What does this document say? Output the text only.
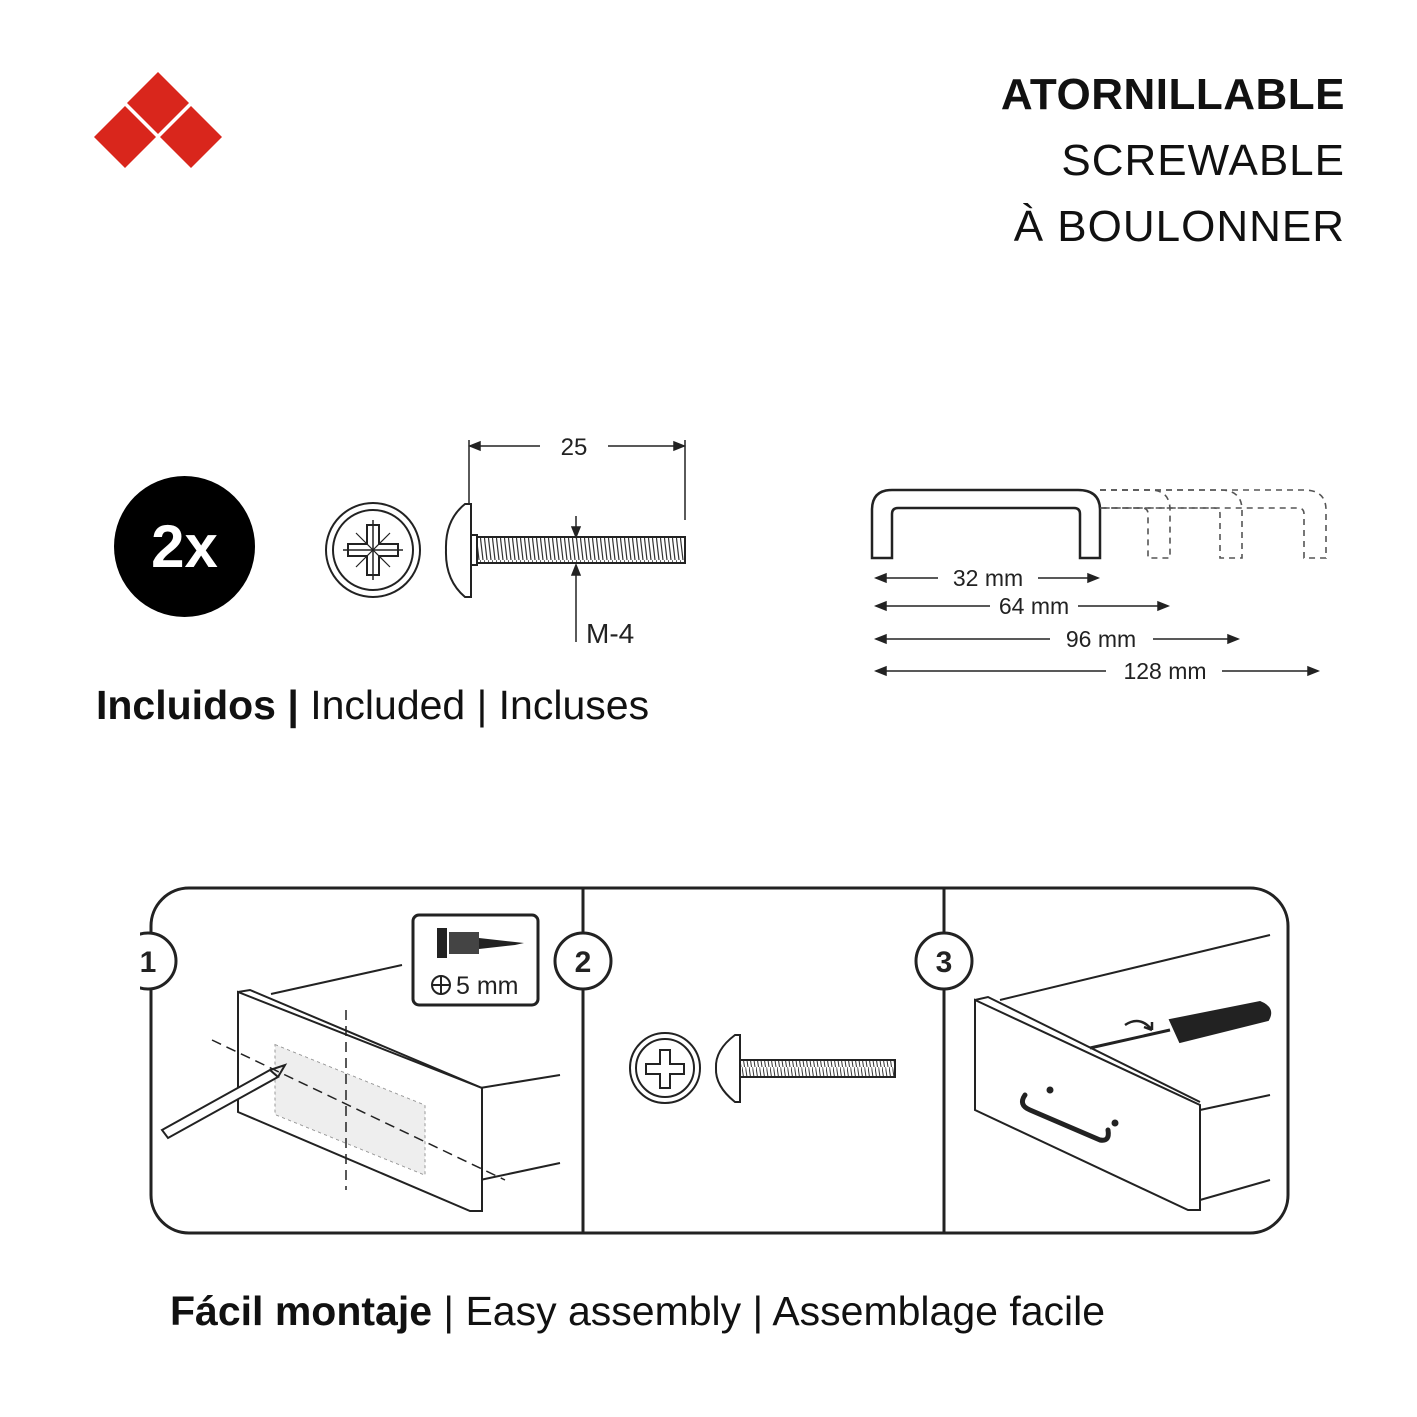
ATORNILLABLE
SCREWABLE
À BOULONNER
2x
25
M-4
Incluidos | Included | Incluses
32 mm
64 mm
96 mm
128 mm
1	2	3
5 mm
Fácil montaje | Easy assembly | Assemblage facile
